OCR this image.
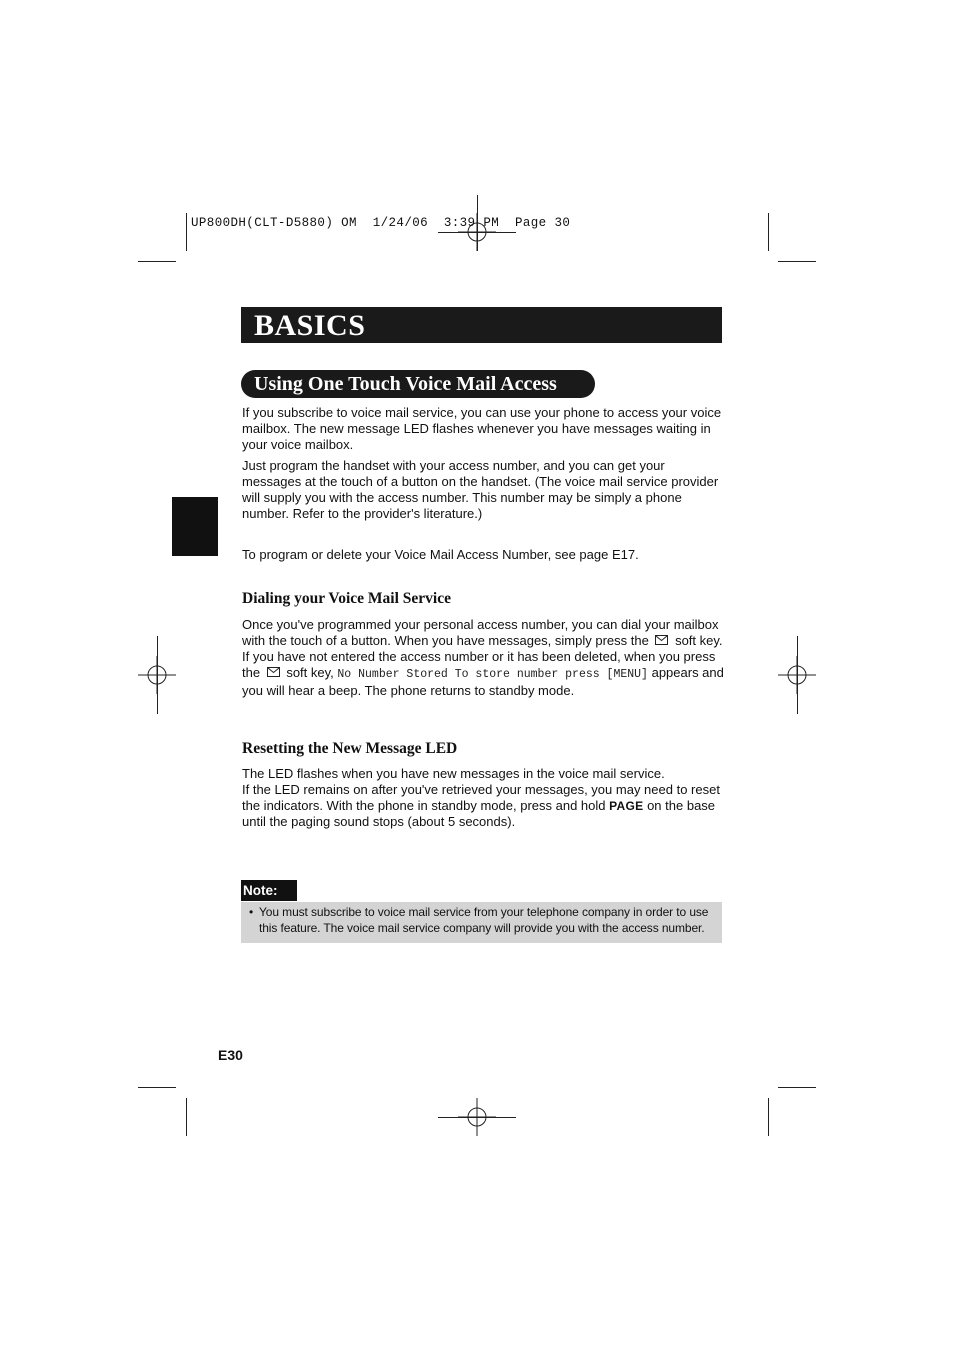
UP800DH(CLT-D5880) OM  1/24/06  3:39 PM  Page 30
BASICS
Using One Touch Voice Mail Access

If you subscribe to voice mail service, you can use your phone to access your voice mailbox. The new message LED flashes whenever you have messages waiting in your voice mailbox.

Just program the handset with your access number, and you can get your messages at the touch of a button on the handset. (The voice mail service provider will supply you with the access number. This number may be simply a phone number. Refer to the provider's literature.)

To program or delete your Voice Mail Access Number, see page E17.

Dialing your Voice Mail Service

Once you've programmed your personal access number, you can dial your mailbox with the touch of a button. When you have messages, simply press the soft key. If you have not entered the access number or it has been deleted, when you press the soft key, No Number Stored To store number press [MENU] appears and you will hear a beep. The phone returns to standby mode.

Resetting the New Message LED

The LED flashes when you have new messages in the voice mail service.

If the LED remains on after you've retrieved your messages, you may need to reset the indicators. With the phone in standby mode, press and hold PAGE on the base until the paging sound stops (about 5 seconds).

Note:
• You must subscribe to voice mail service from your telephone company in order to use this feature. The voice mail service company will provide you with the access number.
E30
